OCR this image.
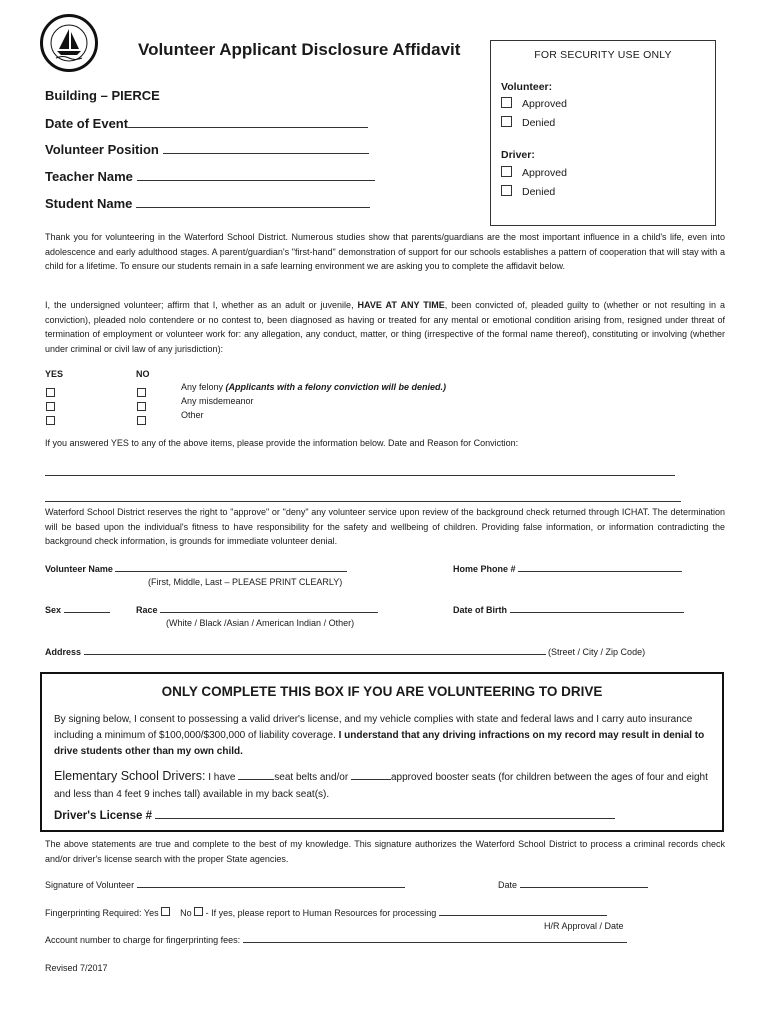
Volunteer Applicant Disclosure Affidavit	FOR SECURITY USE ONLY
Volunteer:
Approved
Denied
Driver:
Approved
Denied
Building – PIERCE
Date of Event
Volunteer Position
Teacher Name
Student Name
Thank you for volunteering in the Waterford School District. Numerous studies show that parents/guardians are the most important influence in a child's life, even into adolescence and early adulthood stages. A parent/guardian's "first-hand" demonstration of support for our schools establishes a pattern of cooperation that will stay with a child for a lifetime. To ensure our students remain in a safe learning environment we are asking you to complete the affidavit below.
I, the undersigned volunteer; affirm that I, whether as an adult or juvenile, HAVE AT ANY TIME, been convicted of, pleaded guilty to (whether or not resulting in a conviction), pleaded nolo contendere or no contest to, been diagnosed as having or treated for any mental or emotional condition arising from, resigned under threat of termination of employment or volunteer work for: any allegation, any conduct, matter, or thing (irrespective of the formal name thereof), constituting or involving (whether under criminal or civil law of any jurisdiction):
YES	NO
Any felony (Applicants with a felony conviction will be denied.)
Any misdemeanor
Other
If you answered YES to any of the above items, please provide the information below. Date and Reason for Conviction:
Waterford School District reserves the right to "approve" or "deny" any volunteer service upon review of the background check returned through ICHAT. The determination will be based upon the individual's fitness to have responsibility for the safety and wellbeing of children. Providing false information, or information contradicting the background check information, is grounds for immediate volunteer denial.
Volunteer Name
(First, Middle, Last – PLEASE PRINT CLEARLY)
Home Phone #
Sex	Race
(White / Black /Asian / American Indian / Other)
Date of Birth
Address	(Street / City / Zip Code)
ONLY COMPLETE THIS BOX IF YOU ARE VOLUNTEERING TO DRIVE
By signing below, I consent to possessing a valid driver's license, and my vehicle complies with state and federal laws and I carry auto insurance including a minimum of $100,000/$300,000 of liability coverage. I understand that any driving infractions on my record may result in denial to drive students other than my own child.
Elementary School Drivers: I have	seat belts and/or	approved booster seats (for children between the ages of four and eight and less than 4 feet 9 inches tall) available in my back seat(s).
Driver's License #
The above statements are true and complete to the best of my knowledge. This signature authorizes the Waterford School District to process a criminal records check and/or driver's license search with the proper State agencies.
Signature of Volunteer	Date
Fingerprinting Required: Yes No  - If yes, please report to Human Resources for processing
H/R Approval / Date
Account number to charge for fingerprinting fees:
Revised 7/2017
